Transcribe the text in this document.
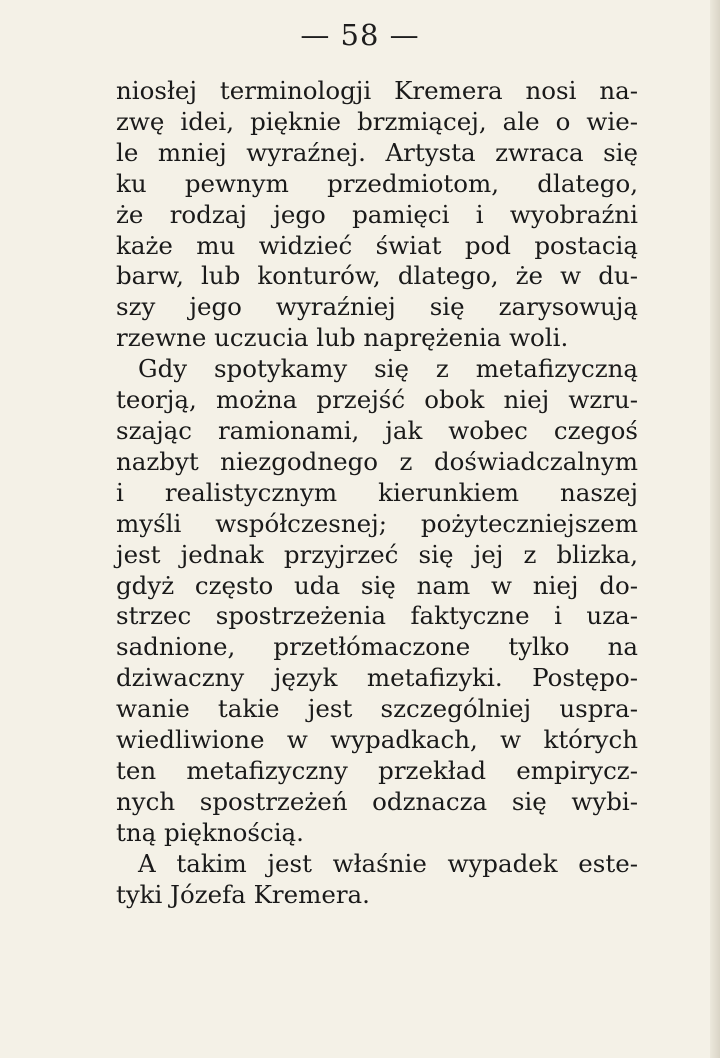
— 58 —
niosłej terminologji Kremera nosi na-
zwę idei, pięknie brzmiącej, ale o wie-
le mniej wyraźnej. Artysta zwraca się
ku pewnym przedmiotom, dlatego,
że rodzaj jego pamięci i wyobraźni
każe mu widzieć świat pod postacią
barw, lub konturów, dlatego, że w du-
szy jego wyraźniej się zarysowują
rzewne uczucia lub naprężenia woli.
Gdy spotykamy się z metafizyczną
teorją, można przejść obok niej wzru-
szając ramionami, jak wobec czegoś
nazbyt niezgodnego z doświadczalnym
i realistycznym kierunkiem naszej
myśli współczesnej; pożyteczniejszem
jest jednak przyjrzeć się jej z blizka,
gdyż często uda się nam w niej do-
strzec spostrzeżenia faktyczne i uza-
sadnione, przetłómaczone tylko na
dziwaczny język metafizyki. Postępo-
wanie takie jest szczególniej uspra-
wiedliwione w wypadkach, w których
ten metafizyczny przekład empirycz-
nych spostrzeżeń odznacza się wybi-
tną pięknością.
A takim jest właśnie wypadek este-
tyki Józefa Kremera.
